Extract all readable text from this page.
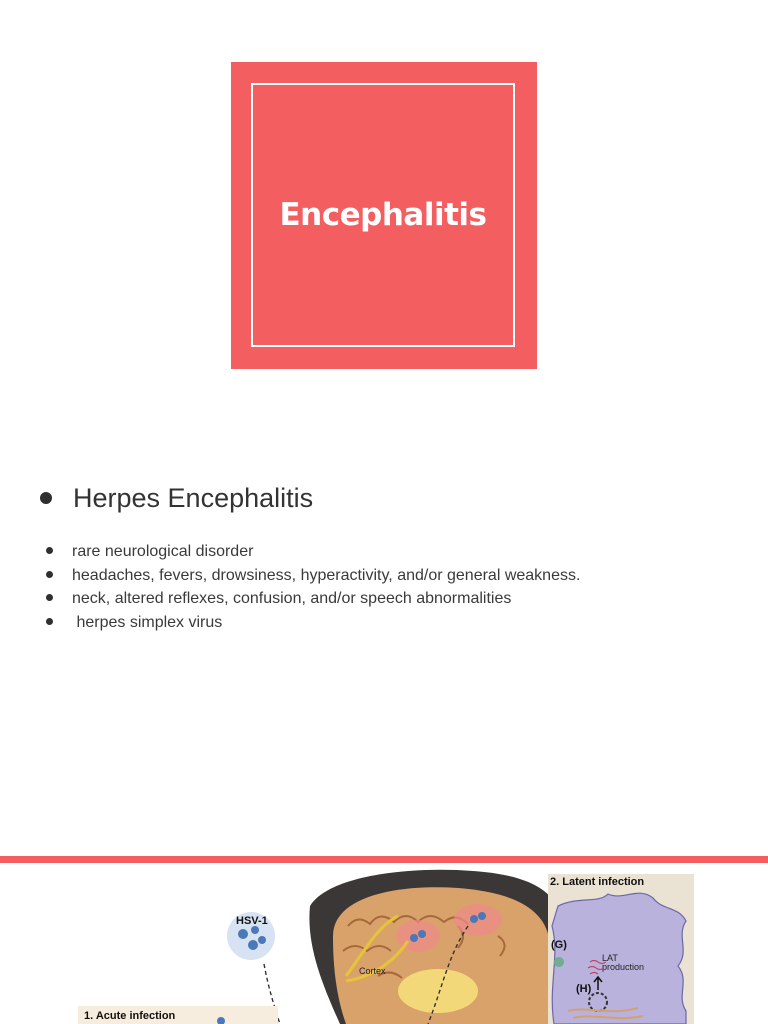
Encephalitis
Herpes Encephalitis
rare neurological disorder
headaches, fevers, drowsiness, hyperactivity, and/or general weakness.
neck, altered reflexes, confusion, and/or speech abnormalities
herpes simplex virus
HSV-1
Cortex
1. Acute infection
2. Latent infection
(G)
LAT
production
(H)
